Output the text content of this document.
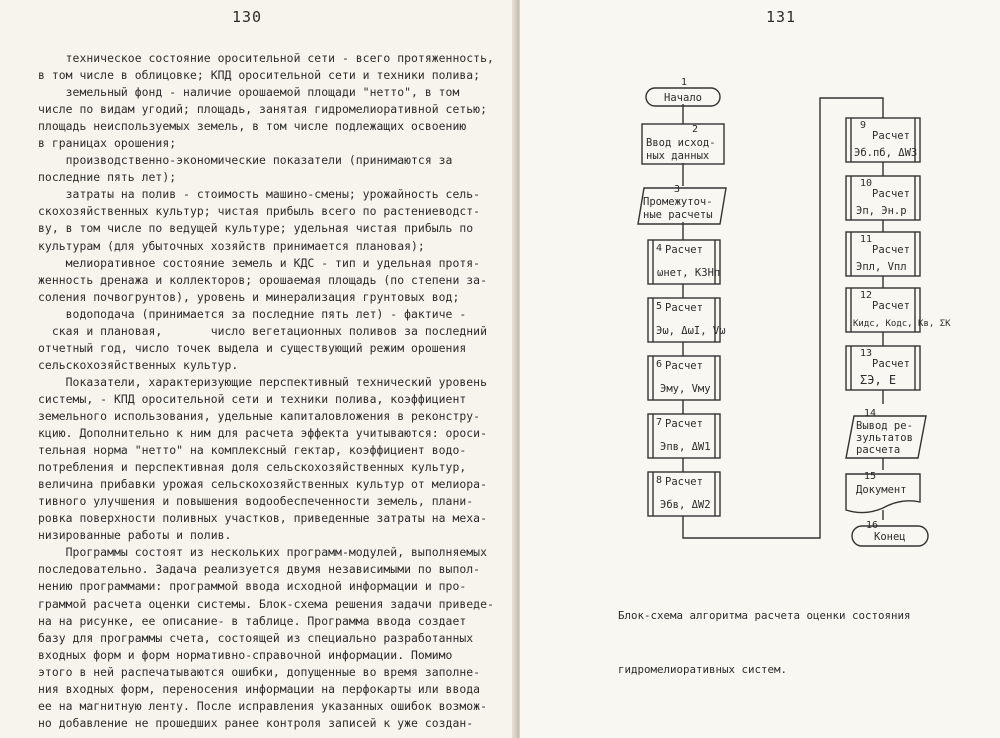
130
техническое состояние оросительной сети - всего протяженность,
в том числе в облицовке; КПД оросительной сети и техники полива;
земельный фонд - наличие орошаемой площади "нетто", в том
числе по видам угодий; площадь, занятая гидромелиоративной сетью;
площадь неиспользуемых земель, в том числе подлежащих освоению
в границах орошения;
производственно-экономические показатели (принимаются за
последние пять лет);
затраты на полив - стоимость машино-смены; урожайность сель-
скохозяйственных культур; чистая прибыль всего по растениеводст-
ву, в том числе по ведущей культуре; удельная чистая прибыль по
культурам (для убыточных хозяйств принимается плановая);
мелиоративное состояние земель и КДС - тип и удельная протя-
женность дренажа и коллекторов; орошаемая площадь (по степени за-
соления почвогрунтов), уровень и минерализация грунтовых вод;
водоподача (принимается за последние пять лет) - фактиче -
ская и плановая,       число вегетационных поливов за последний
отчетный год, число точек выдела и существующий режим орошения
сельскохозяйственных культур.
Показатели, характеризующие перспективный технический уровень
системы, - КПД оросительной сети и техники полива, коэффициент
земельного использования, удельные капиталовложения в реконстру-
кцию. Дополнительно к ним для расчета эффекта учитываются: ороси-
тельная норма "нетто" на комплексный гектар, коэффициент водо-
потребления и перспективная доля сельскохозяйственных культур,
величина прибавки урожая сельскохозяйственных культур от мелиора-
тивного улучшения и повышения водообеспеченности земель, плани-
ровка поверхности поливных участков, приведенные затраты на меха-
низированные работы и полив.
Программы состоят из нескольких программ-модулей, выполняемых
последовательно. Задача реализуется двумя независимыми по выпол-
нению программами: программой ввода исходной информации и про-
граммой расчета оценки системы. Блок-схема решения задачи приведе-
на на рисунке, ее описание- в таблице. Программа ввода создает
базу для программы счета, состоящей из специально разработанных
входных форм и форм нормативно-справочной информации. Помимо
этого в ней распечатываются ошибки, допущенные во время заполне-
ния входных форм, переносения информации на перфокарты или ввода
ее на магнитную ленту. После исправления указанных ошибок возмож-
но добавление не прошедших ранее контроля записей к уже создан-
131
1
Начало
2
Ввод исход-
ных данных
3
Промежуточ-
ные расчеты
4 Расчет
ωнет, КЗНп
5 Расчет
Эω, ΔωI, Vω
6 Расчет
Эму, Vму
7 Расчет
Эпв, ΔW1
8 Расчет
Эбв, ΔW2
9
Расчет
Эб.пб, ΔW3
10
Расчет
Эп, Эн.р
11
Расчет
Эпл, Vпл
12
Расчет
Кидс, Кодс, Кв, ΣК
13
Расчет
ΣЭ, Е
14
Вывод ре-
зультатов
расчета
15
Документ
16
Конец

Блок-схема алгоритма расчета оценки состояния

гидромелиоративных систем.
